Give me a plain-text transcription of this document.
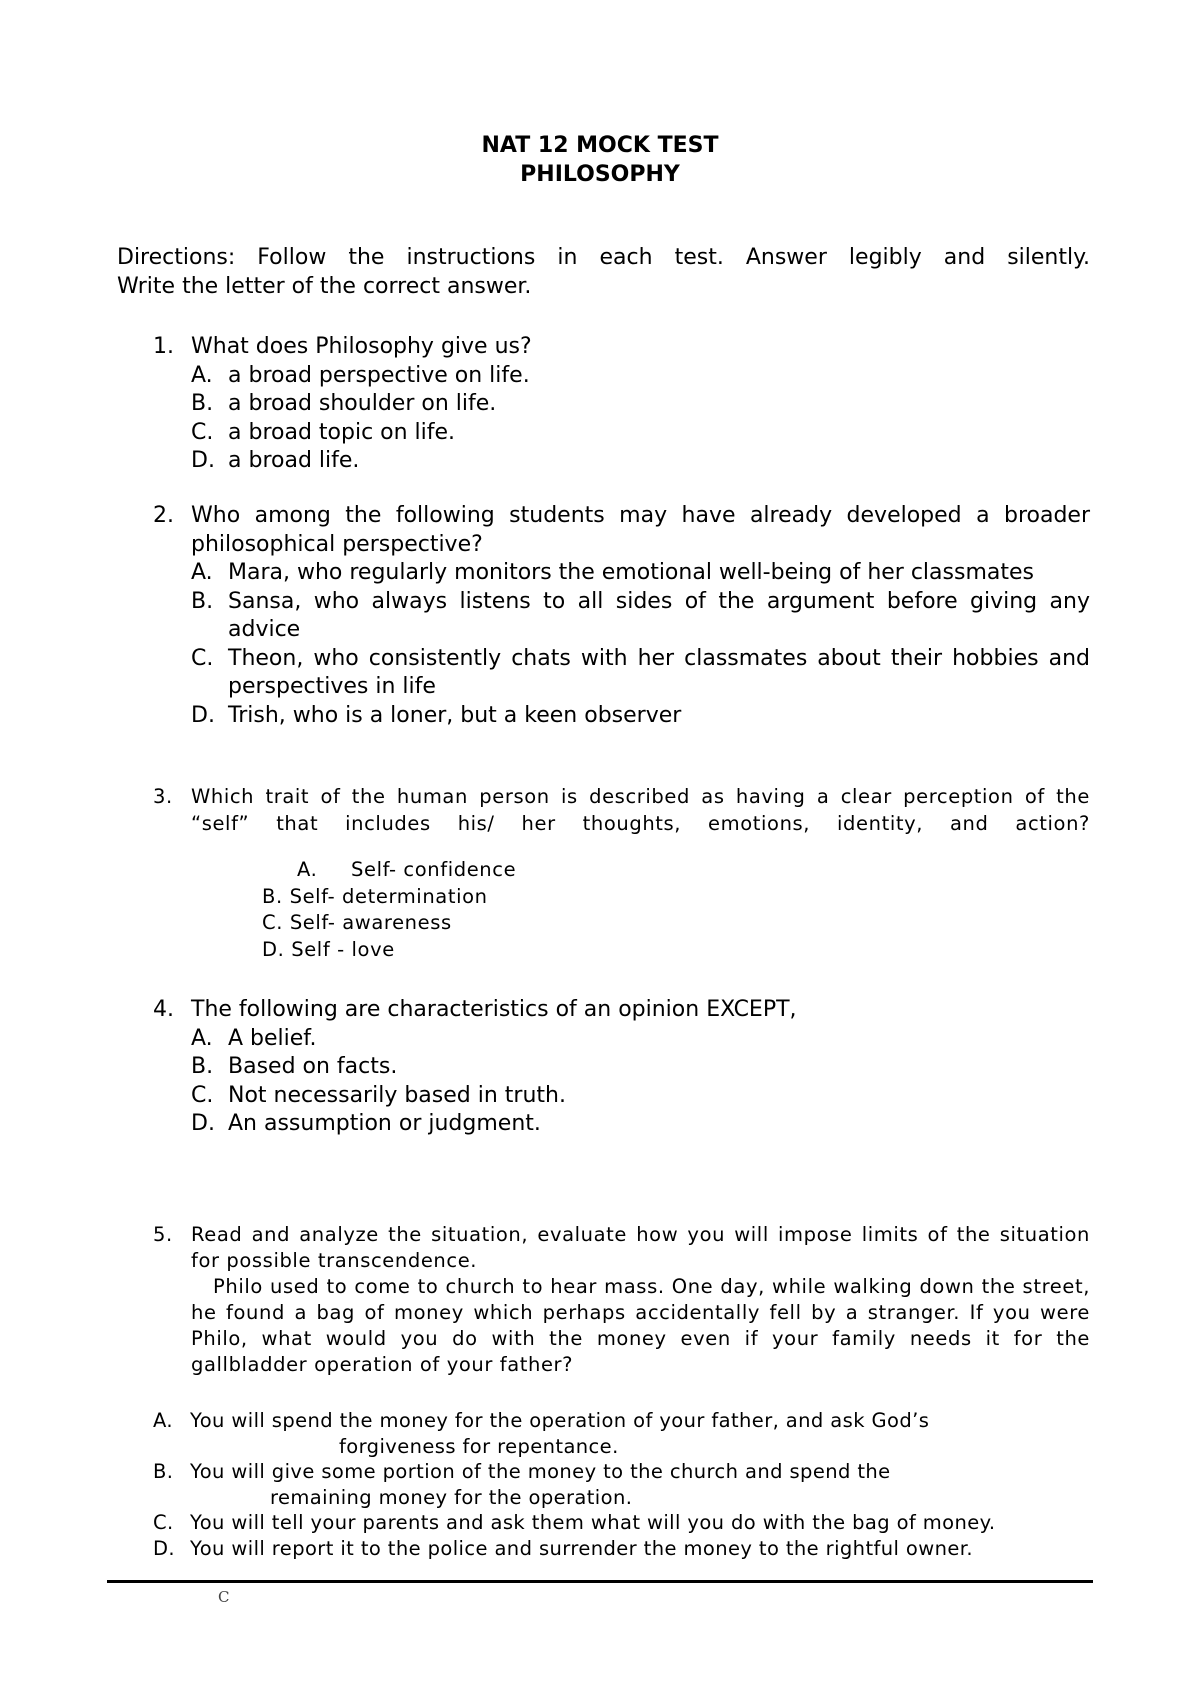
NAT 12 MOCK TEST
PHILOSOPHY
Directions: Follow the instructions in each test. Answer legibly and silently.
Write the letter of the correct answer.
1. What does Philosophy give us?
A. a broad perspective on life.
B. a broad shoulder on life.
C. a broad topic on life.
D. a broad life.
2. Who among the following students may have already developed a broader philosophical perspective?
A. Mara, who regularly monitors the emotional well-being of her classmates
B. Sansa, who always listens to all sides of the argument before giving any advice
C. Theon, who consistently chats with her classmates about their hobbies and perspectives in life
D. Trish, who is a loner, but a keen observer
3. Which trait of the human person is described as having a clear perception of the “self” that includes his/ her thoughts, emotions, identity, and action?
A. Self- confidence
B. Self- determination
C. Self- awareness
D. Self - love
4. The following are characteristics of an opinion EXCEPT,
A. A belief.
B. Based on facts.
C. Not necessarily based in truth.
D. An assumption or judgment.
5. Read and analyze the situation, evaluate how you will impose limits of the situation for possible transcendence.
Philo used to come to church to hear mass. One day, while walking down the street, he found a bag of money which perhaps accidentally fell by a stranger. If you were Philo, what would you do with the money even if your family needs it for the gallbladder operation of your father?
A. You will spend the money for the operation of your father, and ask God’s
forgiveness for repentance.
B. You will give some portion of the money to the church and spend the
remaining money for the operation.
C. You will tell your parents and ask them what will you do with the bag of money.
D. You will report it to the police and surrender the money to the rightful owner.
C
